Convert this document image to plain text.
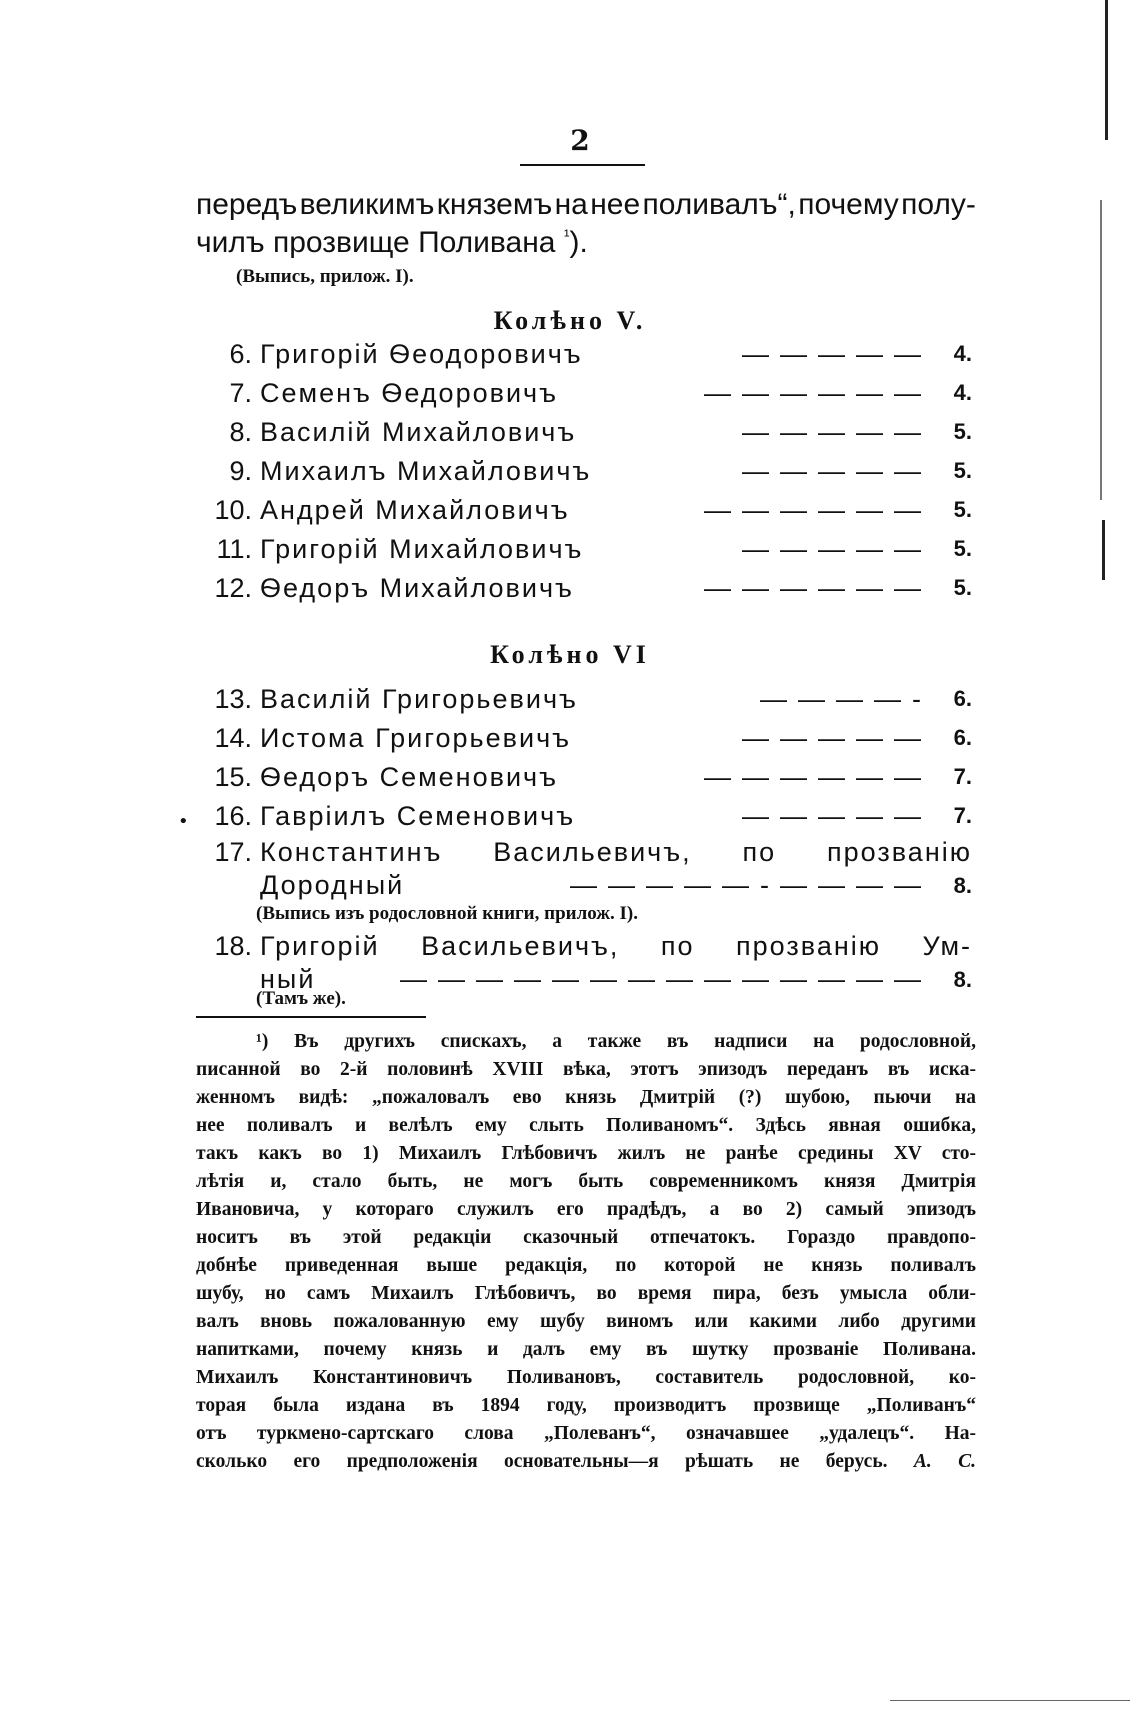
2
передъ великимъ княземъ на нее поливалъ“, почему полу-
чилъ прозвище Поливана $^{^1}$).
(Выпись, прилож. I).
Колѣно V.
6. Григорій Ѳеодоровичъ	————— 4.
7. Семенъ Ѳедоровичъ	—————— 4.
8. Василій Михайловичъ	————— 5.
9. Михаилъ Михайловичъ	————— 5.
10. Андрей Михайловичъ	—————— 5.
11. Григорій Михайловичъ	————— 5.
12. Ѳедоръ Михайловичъ	—————— 5.
Колѣно VI
13. Василій Григорьевичъ	————- 6.
14. Истома Григорьевичъ	————— 6.
15. Ѳедоръ Семеновичъ	—————— 7.
• 16. Гавріилъ Семеновичъ	————— 7.
17. Константинъ Васильевичъ, по прозванію
Дородный	—————-———— 8.
(Выпись изъ родословной книги, прилож. I).
18. Григорій Васильевичъ, по прозванію Ум-
ный	—————————————— 8.
(Тамъ же).
¹) Въ другихъ спискахъ, а также въ надписи на родословной,
писанной во 2-й половинѣ XVIII вѣка, этотъ эпизодъ переданъ въ иска-
женномъ видѣ: „пожаловалъ ево князь Дмитрій (?) шубою, пьючи на
нее поливалъ и велѣлъ ему слыть Поливаномъ“. Здѣсь явная ошибка,
такъ какъ во 1) Михаилъ Глѣбовичъ жилъ не ранѣе средины XV сто-
лѣтія и, стало быть, не могъ быть современникомъ князя Дмитрія
Ивановича, у котораго служилъ его прадѣдъ, а во 2) самый эпизодъ
носитъ въ этой редакціи сказочный отпечатокъ. Гораздо правдопо-
добнѣе приведенная выше редакція, по которой не князь поливалъ
шубу, но самъ Михаилъ Глѣбовичъ, во время пира, безъ умысла обли-
валъ вновь пожалованную ему шубу виномъ или какими либо другими
напитками, почему князь и далъ ему въ шутку прозваніе Поливана.
Михаилъ Константиновичъ Поливановъ, составитель родословной, ко-
торая была издана въ 1894 году, производитъ прозвище „Поливанъ“
отъ туркмено-сартскаго слова „Полеванъ“, означавшее „удалецъ“. На-
сколько его предположенія основательны—я рѣшать не берусь. А. С.
